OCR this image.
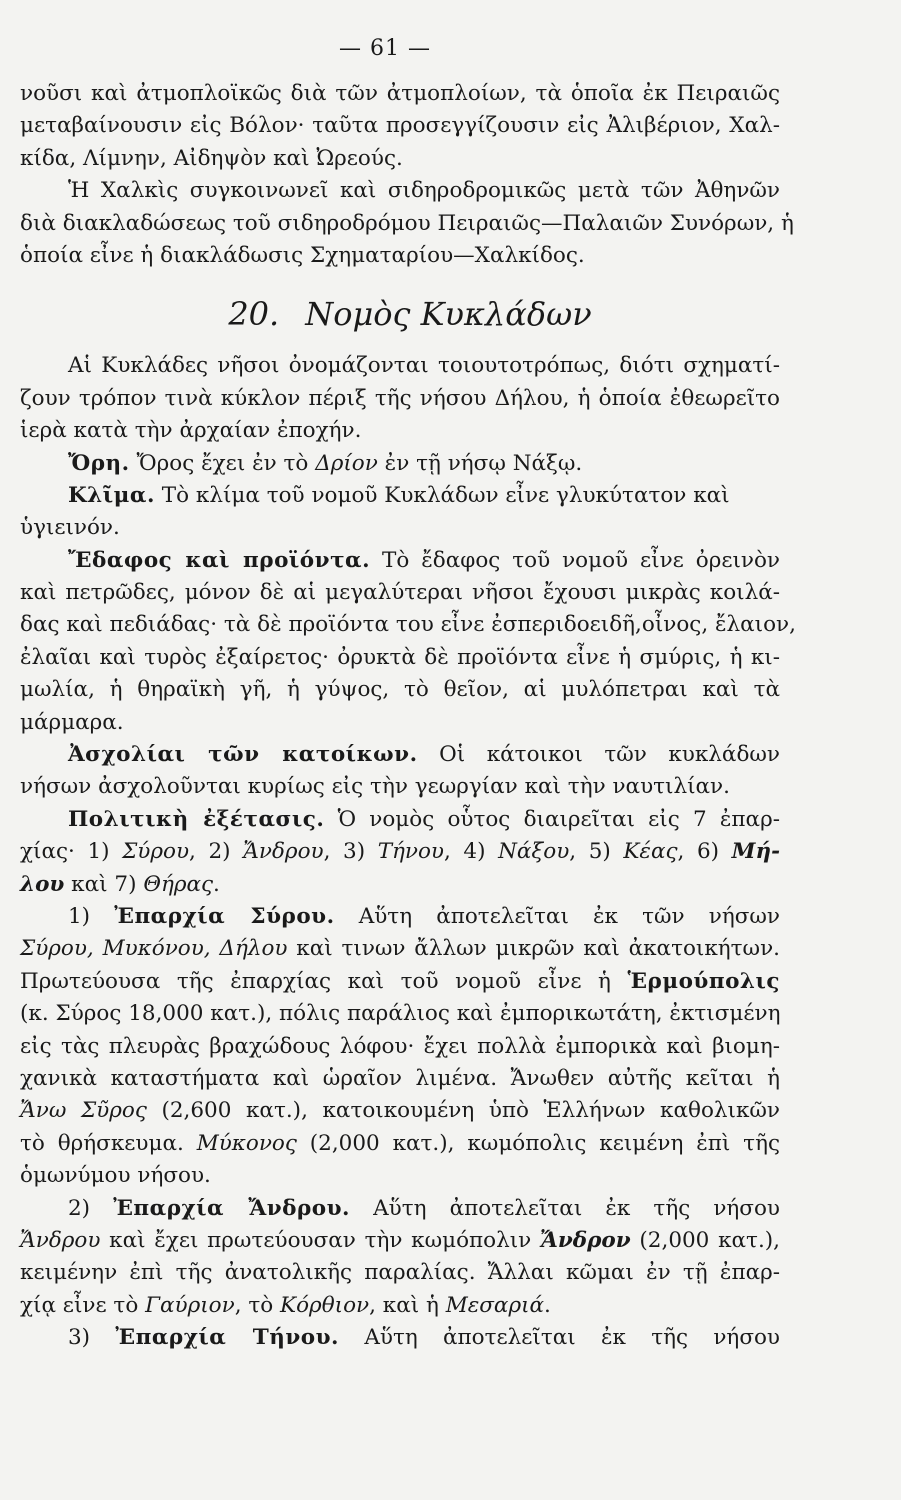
— 61 —
νοῦσι καὶ ἀτμοπλοϊκῶς διὰ τῶν ἀτμοπλοίων, τὰ ὁποῖα ἐκ Πειραιῶς
μεταβαίνουσιν εἰς Βόλον· ταῦτα προσεγγίζουσιν εἰς Ἀλιβέριον, Χαλ-
κίδα, Λίμνην, Αἰδηψὸν καὶ Ὠρεούς.
Ἡ Χαλκὶς συγκοινωνεῖ καὶ σιδηροδρομικῶς μετὰ τῶν Ἀθηνῶν
διὰ διακλαδώσεως τοῦ σιδηροδρόμου Πειραιῶς—Παλαιῶν Συνόρων, ἡ
ὁποία εἶνε ἡ διακλάδωσις Σχηματαρίου—Χαλκίδος.
20. Νομὸς Κυκλάδων
Αἱ Κυκλάδες νῆσοι ὀνομάζονται τοιουτοτρόπως, διότι σχηματί-
ζουν τρόπον τινὰ κύκλον πέριξ τῆς νήσου Δήλου, ἡ ὁποία ἐθεωρεῖτο
ἱερὰ κατὰ τὴν ἀρχαίαν ἐποχήν.
Ὄρη. Ὄρος ἔχει ἐν τὸ Δρίον ἐν τῇ νήσῳ Νάξῳ.
Κλῖμα. Τὸ κλίμα τοῦ νομοῦ Κυκλάδων εἶνε γλυκύτατον καὶ
ὑγιεινόν.
Ἔδαφος καὶ προϊόντα. Τὸ ἔδαφος τοῦ νομοῦ εἶνε ὀρεινὸν
καὶ πετρῶδες, μόνον δὲ αἱ μεγαλύτεραι νῆσοι ἔχουσι μικρὰς κοιλά-
δας καὶ πεδιάδας· τὰ δὲ προϊόντα του εἶνε ἐσπεριδοειδῆ,οἶνος, ἔλαιον,
ἐλαῖαι καὶ τυρὸς ἐξαίρετος· ὀρυκτὰ δὲ προϊόντα εἶνε ἡ σμύρις, ἡ κι-
μωλία, ἡ θηραϊκὴ γῆ, ἡ γύψος, τὸ θεῖον, αἱ μυλόπετραι καὶ τὰ
μάρμαρα.
Ἀσχολίαι τῶν κατοίκων. Οἱ κάτοικοι τῶν κυκλάδων
νήσων ἀσχολοῦνται κυρίως εἰς τὴν γεωργίαν καὶ τὴν ναυτιλίαν.
Πολιτικὴ ἐξέτασις. Ὁ νομὸς οὗτος διαιρεῖται εἰς 7 ἐπαρ-
χίας· 1) Σύρου, 2) Ἄνδρου, 3) Τήνου, 4) Νάξου, 5) Κέας, 6) Μή-
λου καὶ 7) Θήρας.
1) Ἐπαρχία Σύρου. Αὕτη ἀποτελεῖται ἐκ τῶν νήσων
Σύρου, Μυκόνου, Δήλου καὶ τινων ἄλλων μικρῶν καὶ ἀκατοικήτων.
Πρωτεύουσα τῆς ἐπαρχίας καὶ τοῦ νομοῦ εἶνε ἡ Ἑρμούπολις
(κ. Σύρος 18,000 κατ.), πόλις παράλιος καὶ ἐμπορικωτάτη, ἐκτισμένη
εἰς τὰς πλευρὰς βραχώδους λόφου· ἔχει πολλὰ ἐμπορικὰ καὶ βιομη-
χανικὰ καταστήματα καὶ ὡραῖον λιμένα. Ἄνωθεν αὐτῆς κεῖται ἡ
Ἄνω Σῦρος (2,600 κατ.), κατοικουμένη ὑπὸ Ἑλλήνων καθολικῶν
τὸ θρήσκευμα. Μύκονος (2,000 κατ.), κωμόπολις κειμένη ἐπὶ τῆς
ὁμωνύμου νήσου.
2) Ἐπαρχία Ἄνδρου. Αὕτη ἀποτελεῖται ἐκ τῆς νήσου
Ἄνδρου καὶ ἔχει πρωτεύουσαν τὴν κωμόπολιν Ἄνδρον (2,000 κατ.),
κειμένην ἐπὶ τῆς ἀνατολικῆς παραλίας. Ἄλλαι κῶμαι ἐν τῇ ἐπαρ-
χίᾳ εἶνε τὸ Γαύριον, τὸ Κόρθιον, καὶ ἡ Μεσαριά.
3) Ἐπαρχία Τήνου. Αὕτη ἀποτελεῖται ἐκ τῆς νήσου
